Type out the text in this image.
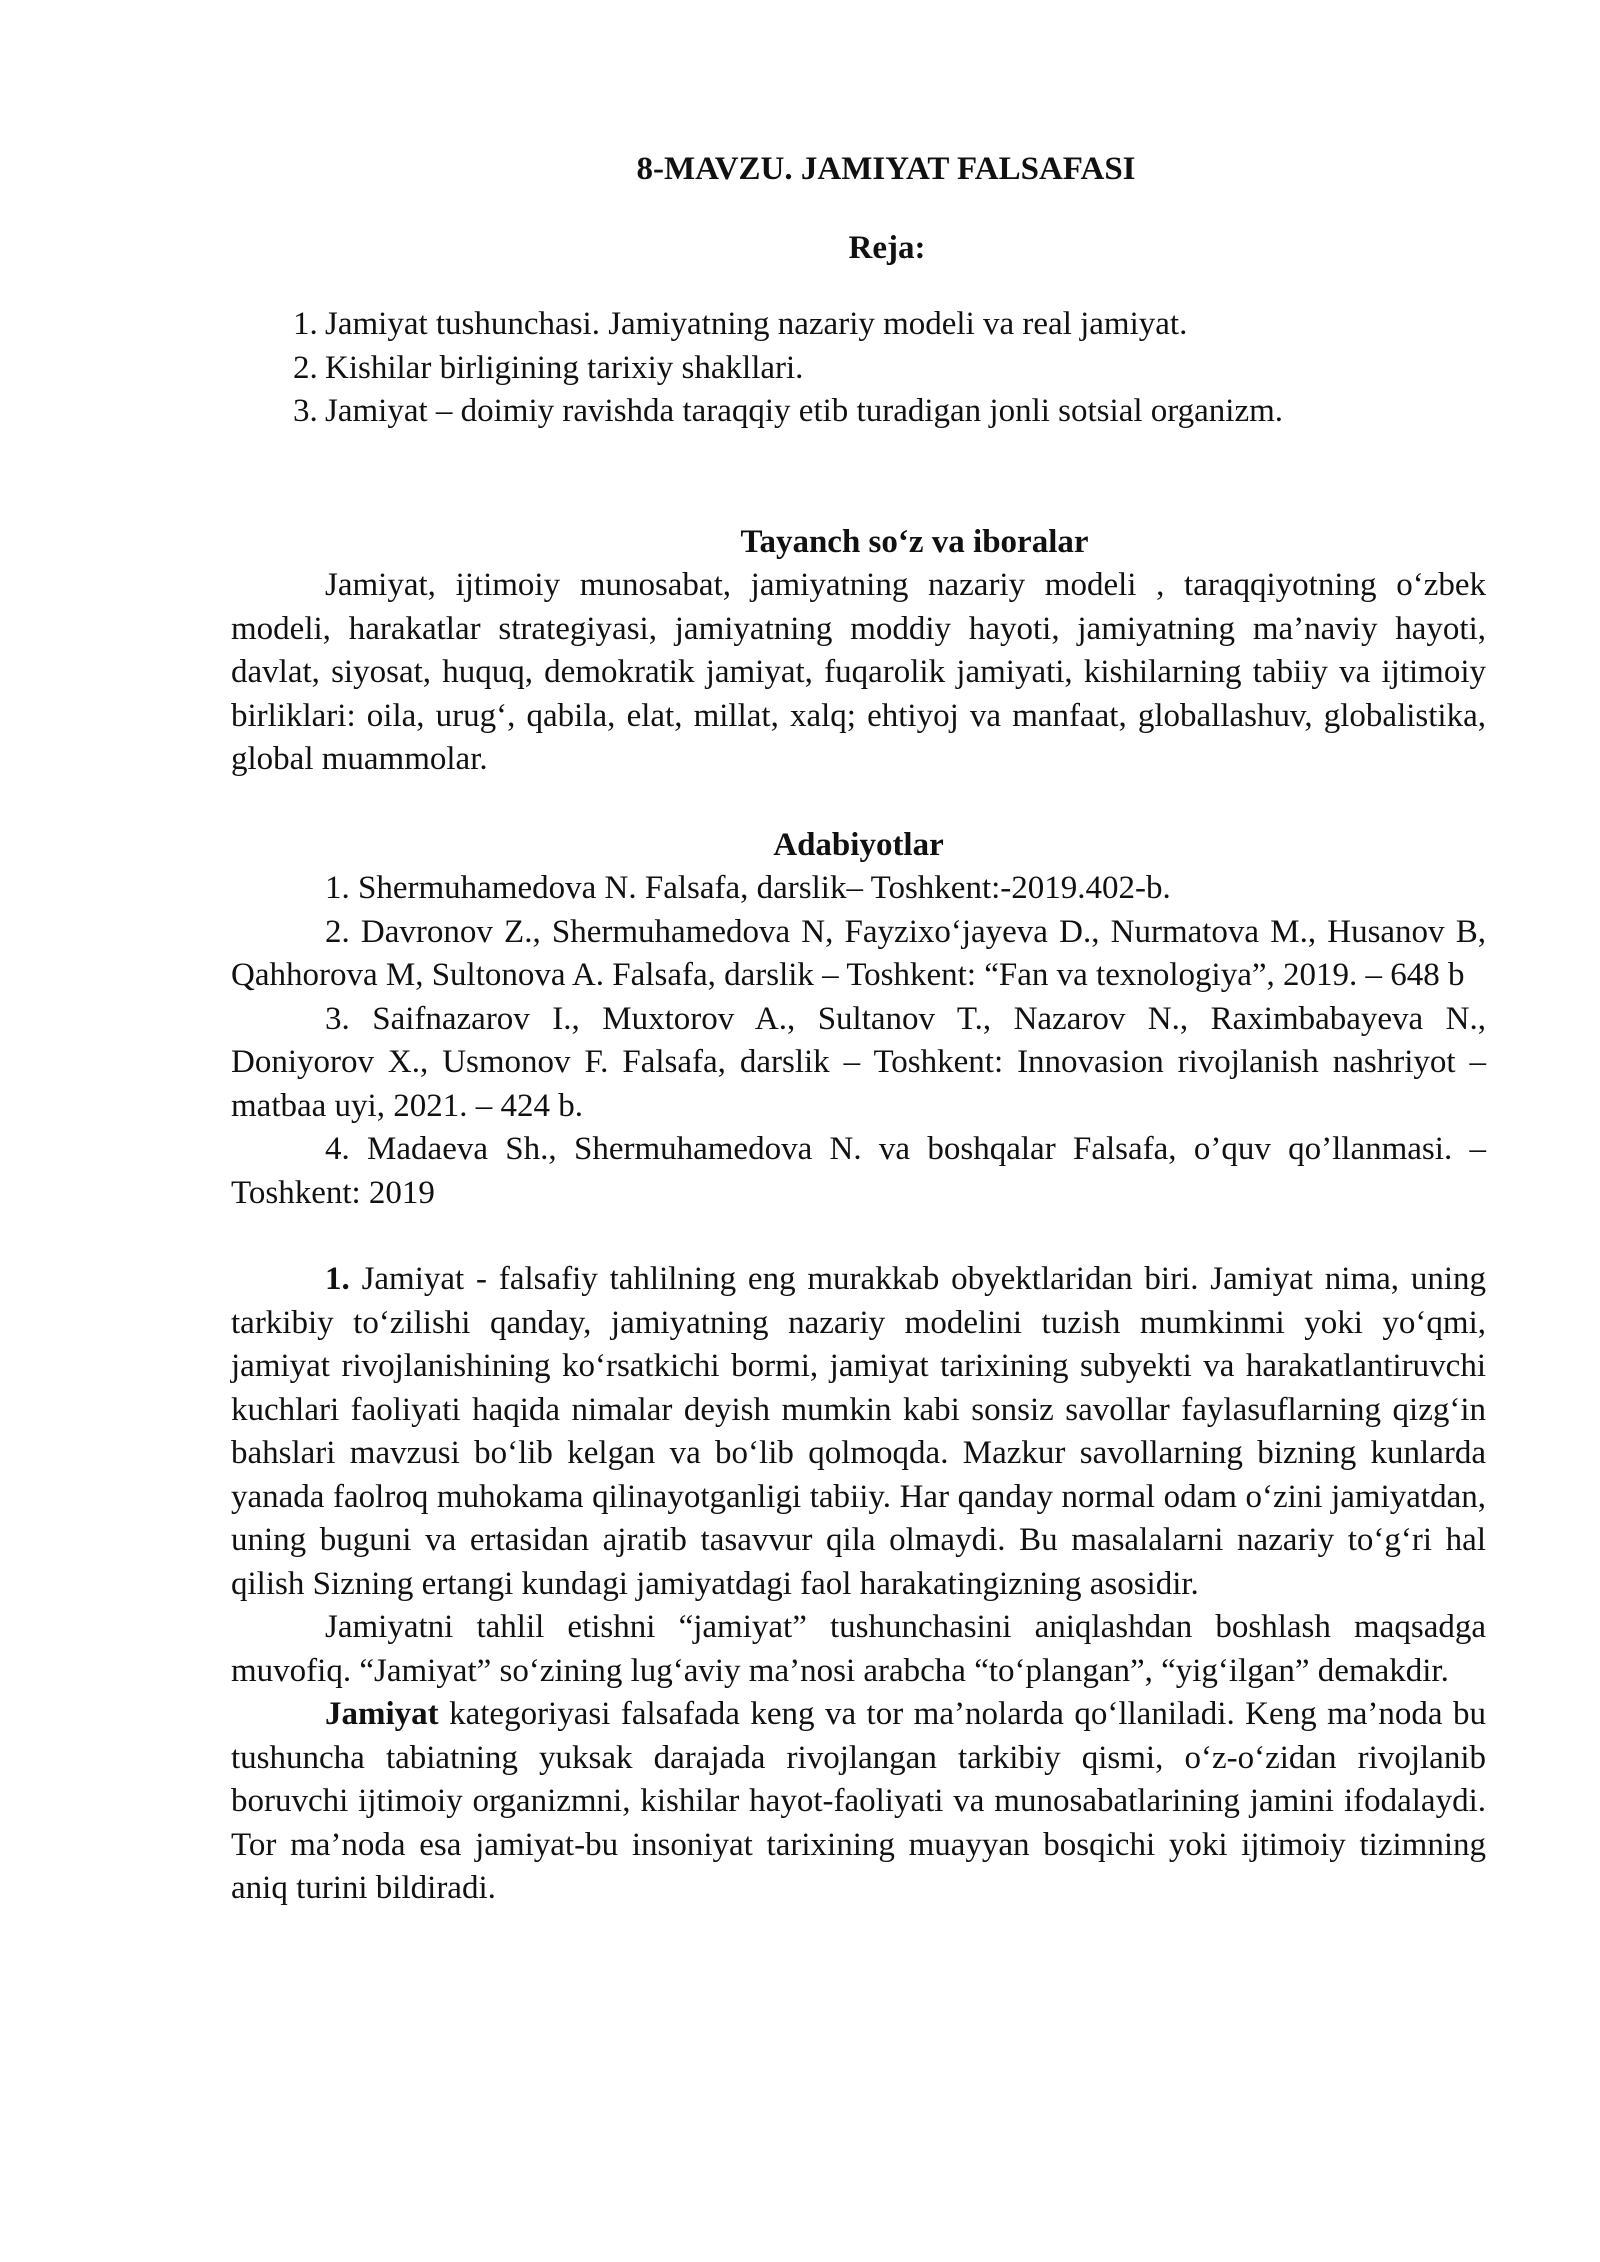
8-MAVZU. JAMIYAT FALSAFASI
Reja:
1. Jamiyat tushunchasi. Jamiyatning nazariy modeli va real jamiyat.
2. Kishilar birligining tarixiy shakllari.
3. Jamiyat – doimiy ravishda taraqqiy etib turadigan jonli sotsial organizm.
Tayanch so‘z va iboralar

Jamiyat, ijtimoiy munosabat, jamiyatning nazariy modeli , taraqqiyotning o‘zbek modeli, harakatlar strategiyasi, jamiyatning moddiy hayoti, jamiyatning ma’naviy hayoti, davlat, siyosat, huquq, demokratik jamiyat, fuqarolik jamiyati, kishilarning tabiiy va ijtimoiy birliklari: oila, urug‘, qabila, elat, millat, xalq; ehtiyoj va manfaat, globallashuv, globalistika, global muammolar.

Adabiyotlar
1. Shermuhamedova N. Falsafa, darslik– Toshkent:-2019.402-b.
2. Davronov Z., Shermuhamedova N, Fayzixo‘jayeva D., Nurmatova M., Husanov B, Qahhorova M, Sultonova A. Falsafa, darslik – Toshkent: “Fan va texnologiya”, 2019. – 648 b
3. Saifnazarov I., Muxtorov A., Sultanov T., Nazarov N., Raximbabayeva N., Doniyorov X., Usmonov F. Falsafa, darslik – Toshkent: Innovasion rivojlanish nashriyot –matbaa uyi, 2021. – 424 b.
4. Madaeva Sh., Shermuhamedova N. va boshqalar Falsafa, o’quv qo’llanmasi. –Toshkent: 2019

1. Jamiyat - falsafiy tahlilning eng murakkab obyektlaridan biri. Jamiyat nima, uning tarkibiy to‘zilishi qanday, jamiyatning nazariy modelini tuzish mumkinmi yoki yo‘qmi, jamiyat rivojlanishining ko‘rsatkichi bormi, jamiyat tarixining subyekti va harakatlantiruvchi kuchlari faoliyati haqida nimalar deyish mumkin kabi sonsiz savollar faylasuflarning qizg‘in bahslari mavzusi bo‘lib kelgan va bo‘lib qolmoqda. Mazkur savollarning bizning kunlarda yanada faolroq muhokama qilinayotganligi tabiiy. Har qanday normal odam o‘zini jamiyatdan, uning buguni va ertasidan ajratib tasavvur qila olmaydi. Bu masalalarni nazariy to‘g‘ri hal qilish Sizning ertangi kundagi jamiyatdagi faol harakatingizning asosidir.

Jamiyatni tahlil etishni “jamiyat” tushunchasini aniqlashdan boshlash maqsadga muvofiq. “Jamiyat” so‘zining lug‘aviy ma’nosi arabcha “to‘plangan”, “yig‘ilgan” demakdir.

Jamiyat kategoriyasi falsafada keng va tor ma’nolarda qo‘llaniladi. Keng ma’noda bu tushuncha tabiatning yuksak darajada rivojlangan tarkibiy qismi, o‘z-o‘zidan rivojlanib boruvchi ijtimoiy organizmni, kishilar hayot-faoliyati va munosabatlarining jamini ifodalaydi. Tor ma’noda esa jamiyat-bu insoniyat tarixining muayyan bosqichi yoki ijtimoiy tizimning aniq turini bildiradi.
